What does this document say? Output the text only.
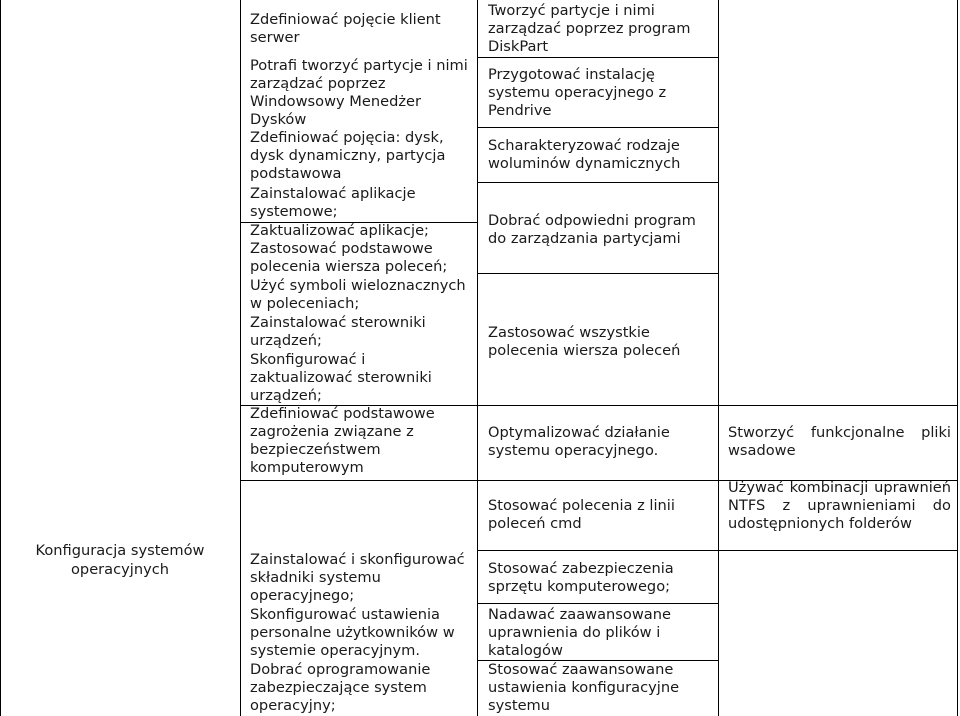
Konfiguracja systemów operacyjnych
Zdefiniować pojęcie klient serwer
Potrafi tworzyć partycje i nimi zarządzać poprzez Windowsowy Menedżer Dysków
Zdefiniować pojęcia: dysk, dysk dynamiczny, partycja podstawowa
Zainstalować aplikacje systemowe;
Zaktualizować aplikacje;
Zastosować podstawowe polecenia wiersza poleceń;
Użyć symboli wieloznacznych w poleceniach;
Zainstalować sterowniki urządzeń;
Skonfigurować i zaktualizować sterowniki urządzeń;
Zdefiniować podstawowe zagrożenia związane z bezpieczeństwem komputerowym
Zainstalować i skonfigurować składniki systemu operacyjnego;
Skonfigurować ustawienia personalne użytkowników w systemie operacyjnym.
Dobrać oprogramowanie zabezpieczające system operacyjny;
Tworzyć partycje i nimi zarządzać poprzez program DiskPart
Przygotować instalację systemu operacyjnego z Pendrive
Scharakteryzować rodzaje woluminów dynamicznych
Dobrać odpowiedni program do zarządzania partycjami
Zastosować wszystkie polecenia wiersza poleceń
Optymalizować działanie systemu operacyjnego.
Stosować polecenia z linii poleceń cmd
Stosować zabezpieczenia sprzętu komputerowego;
Nadawać zaawansowane uprawnienia do plików i katalogów
Stosować zaawansowane ustawienia konfiguracyjne systemu
Stworzyć funkcjonalne pliki wsadowe
Używać kombinacji uprawnień NTFS z uprawnieniami do udostępnionych folderów
